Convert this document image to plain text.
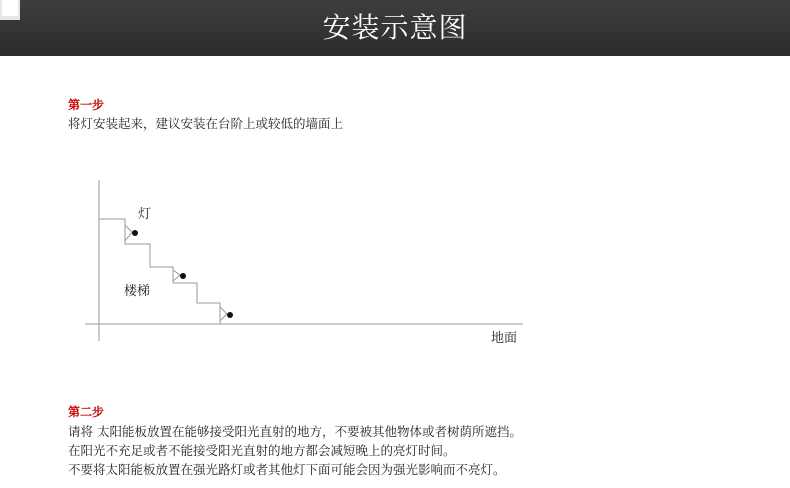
安装示意图
第一步
将灯安装起来，建议安装在台阶上或较低的墙面上
灯
楼梯
地面
第二步
请将 太阳能板放置在能够接受阳光直射的地方，不要被其他物体或者树荫所遮挡。
在阳光不充足或者不能接受阳光直射的地方都会减短晚上的亮灯时间。
不要将太阳能板放置在强光路灯或者其他灯下面可能会因为强光影响而不亮灯。
